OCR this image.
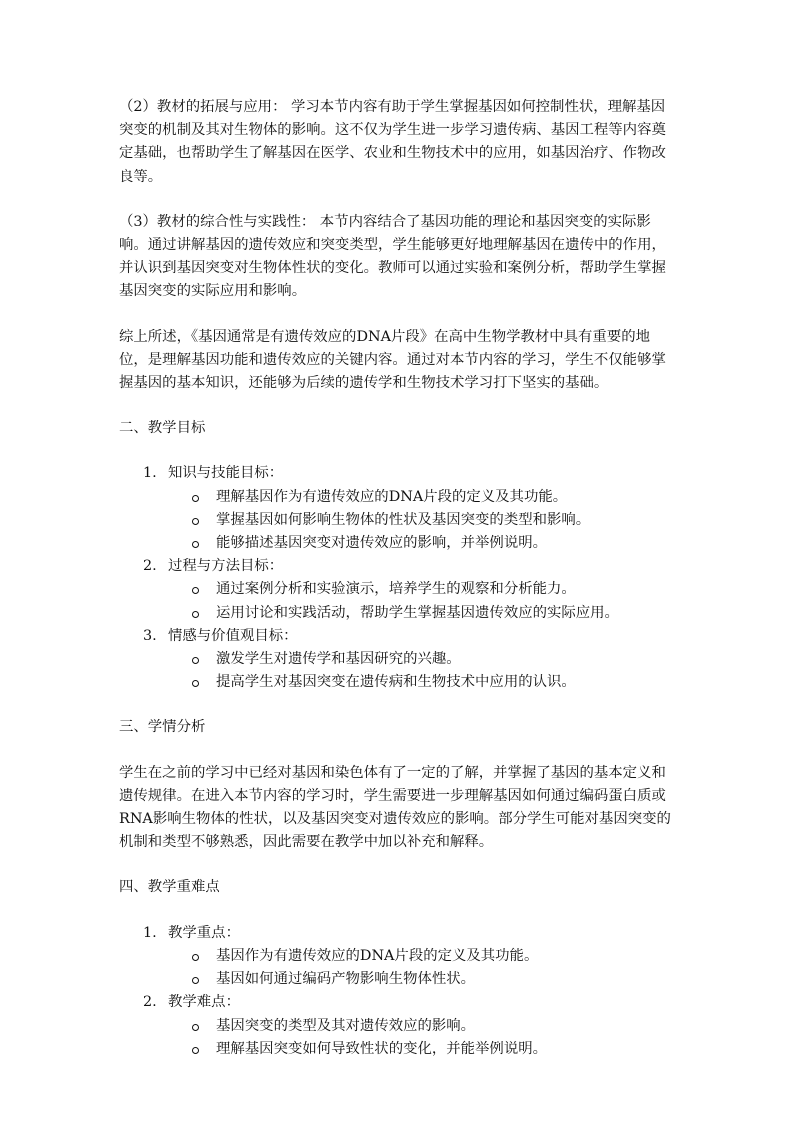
（2）教材的拓展与应用： 学习本节内容有助于学生掌握基因如何控制性状，理解基因突变的机制及其对生物体的影响。这不仅为学生进一步学习遗传病、基因工程等内容奠定基础，也帮助学生了解基因在医学、农业和生物技术中的应用，如基因治疗、作物改良等。

（3）教材的综合性与实践性： 本节内容结合了基因功能的理论和基因突变的实际影响。通过讲解基因的遗传效应和突变类型，学生能够更好地理解基因在遗传中的作用，并认识到基因突变对生物体性状的变化。教师可以通过实验和案例分析，帮助学生掌握基因突变的实际应用和影响。

综上所述，《基因通常是有遗传效应的DNA片段》在高中生物学教材中具有重要的地位，是理解基因功能和遗传效应的关键内容。通过对本节内容的学习，学生不仅能够掌握基因的基本知识，还能够为后续的遗传学和生物技术学习打下坚实的基础。

二、教学目标

1. 知识与技能目标：
理解基因作为有遗传效应的DNA片段的定义及其功能。
掌握基因如何影响生物体的性状及基因突变的类型和影响。
能够描述基因突变对遗传效应的影响，并举例说明。
2. 过程与方法目标：
通过案例分析和实验演示，培养学生的观察和分析能力。
运用讨论和实践活动，帮助学生掌握基因遗传效应的实际应用。
3. 情感与价值观目标：
激发学生对遗传学和基因研究的兴趣。
提高学生对基因突变在遗传病和生物技术中应用的认识。

三、学情分析

学生在之前的学习中已经对基因和染色体有了一定的了解，并掌握了基因的基本定义和遗传规律。在进入本节内容的学习时，学生需要进一步理解基因如何通过编码蛋白质或RNA影响生物体的性状，以及基因突变对遗传效应的影响。部分学生可能对基因突变的机制和类型不够熟悉，因此需要在教学中加以补充和解释。

四、教学重难点

1. 教学重点：
基因作为有遗传效应的DNA片段的定义及其功能。
基因如何通过编码产物影响生物体性状。
2. 教学难点：
基因突变的类型及其对遗传效应的影响。
理解基因突变如何导致性状的变化，并能举例说明。
